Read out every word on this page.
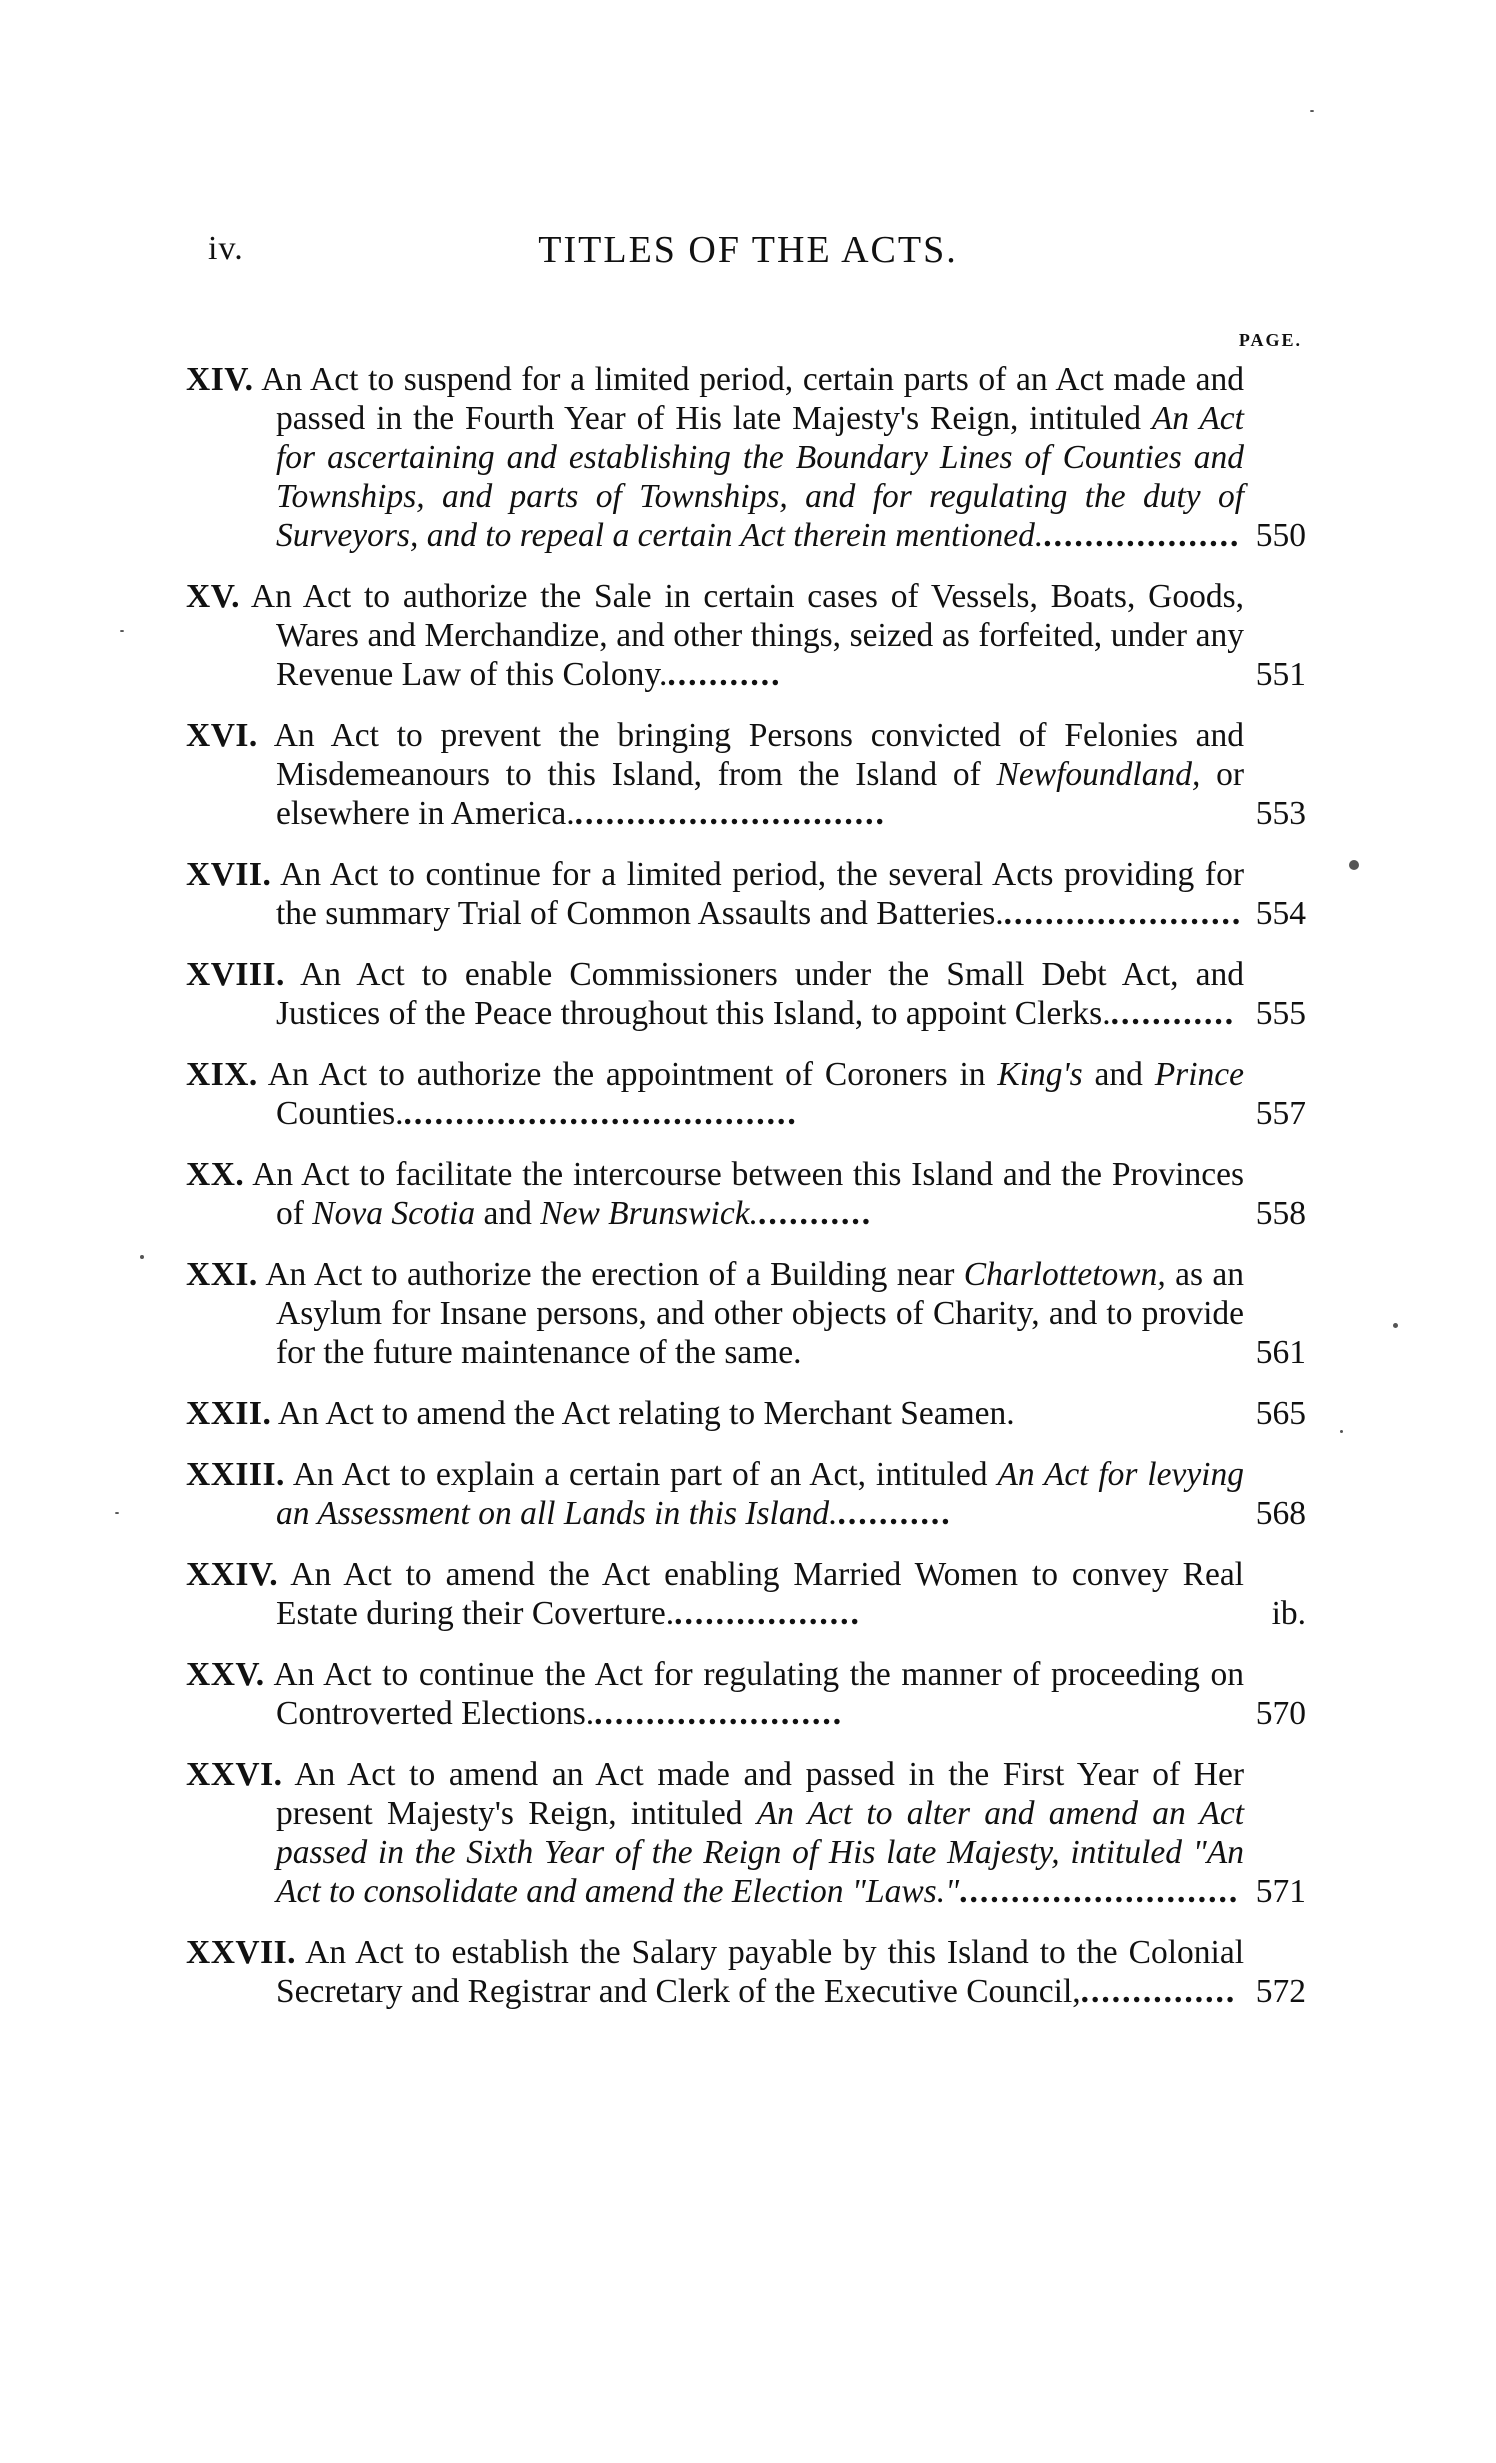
iv.	TITLES OF THE ACTS.
PAGE.
XIV. An Act to suspend for a limited period, certain parts of an Act made and passed in the Fourth Year of His late Majesty's Reign, intituled An Act for ascertaining and establishing the Boundary Lines of Counties and Townships, and parts of Townships, and for regulating the duty of Surveyors, and to repeal a certain Act therein mentioned.................... 550
XV. An Act to authorize the Sale in certain cases of Vessels, Boats, Goods, Wares and Merchandize, and other things, seized as forfeited, under any Revenue Law of this Colony............	551
XVI. An Act to prevent the bringing Persons convicted of Felonies and Misdemeanours to this Island, from the Island of Newfoundland, or elsewhere in America...............................	553
XVII. An Act to continue for a limited period, the several Acts providing for the summary Trial of Common Assaults and Batteries........................ 554
XVIII. An Act to enable Commissioners under the Small Debt Act, and Justices of the Peace throughout this Island, to appoint Clerks............. 555
XIX. An Act to authorize the appointment of Coroners in King's and Prince Counties.......................................	557
XX. An Act to facilitate the intercourse between this Island and the Provinces of Nova Scotia and New Brunswick............	558
XXI. An Act to authorize the erection of a Building near Charlottetown, as an Asylum for Insane persons, and other objects of Charity, and to provide for the future maintenance of the same.	561
XXII. An Act to amend the Act relating to Merchant Seamen.	565
XXIII. An Act to explain a certain part of an Act, intituled An Act for levying an Assessment on all Lands in this Island............	568
XXIV. An Act to amend the Act enabling Married Women to convey Real Estate during their Coverture...................	ib.
XXV. An Act to continue the Act for regulating the manner of proceeding on Controverted Elections.........................	570
XXVI. An Act to amend an Act made and passed in the First Year of Her present Majesty's Reign, intituled An Act to alter and amend an Act passed in the Sixth Year of the Reign of His late Majesty, intituled "An Act to consolidate and amend the Election "Laws."........................... 571
XXVII. An Act to establish the Salary payable by this Island to the Colonial Secretary and Registrar and Clerk of the Executive Council,............... 572
